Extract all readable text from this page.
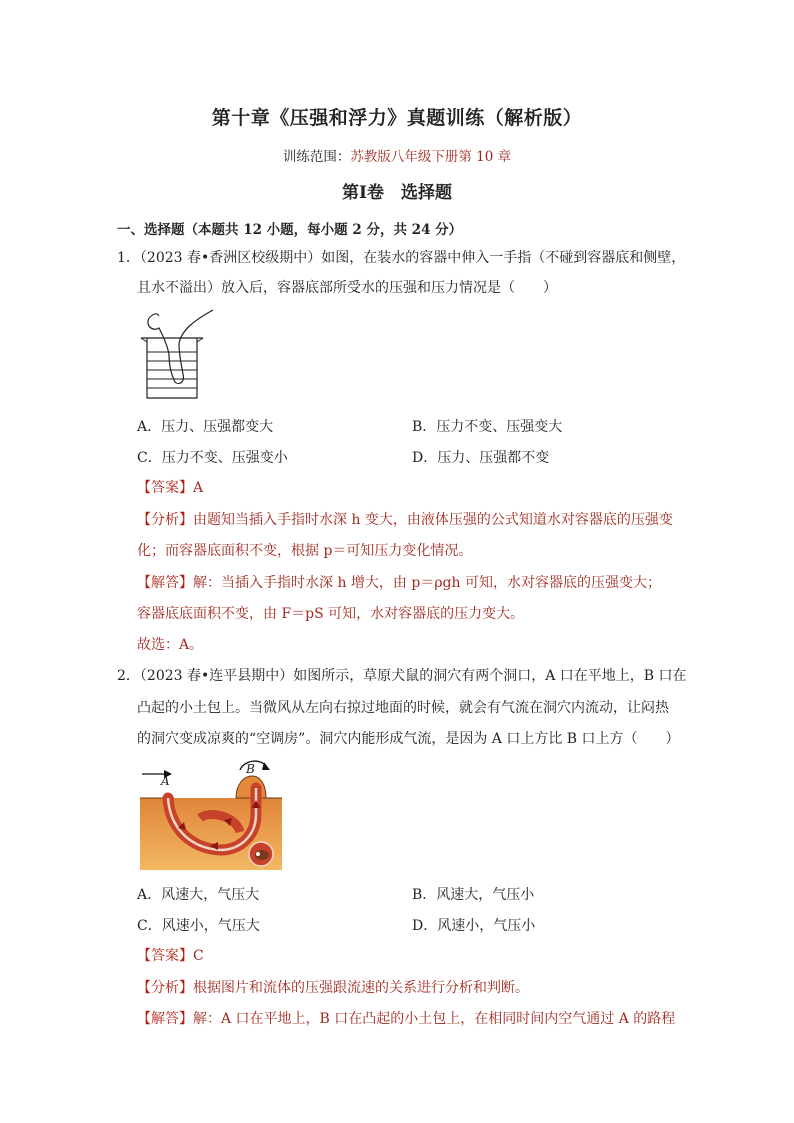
第十章《压强和浮力》真题训练（解析版）
训练范围：苏教版八年级下册第 10 章
第Ⅰ卷　选择题
一、选择题（本题共 12 小题，每小题 2 分，共 24 分）
1．（2023 春•香洲区校级期中）如图，在装水的容器中伸入一手指（不碰到容器底和侧壁，
且水不溢出）放入后，容器底部所受水的压强和压力情况是（　　）
A．压力、压强都变大	B．压力不变、压强变大
C．压力不变、压强变小	D．压力、压强都不变
【答案】A
【分析】由题知当插入手指时水深 h 变大，由液体压强的公式知道水对容器底的压强变
化；而容器底面积不变，根据 p＝可知压力变化情况。
【解答】解：当插入手指时水深 h 增大，由 p＝ρgh 可知，水对容器底的压强变大；
容器底底面积不变，由 F＝pS 可知，水对容器底的压力变大。
故选：A。
2．（2023 春•连平县期中）如图所示，草原犬鼠的洞穴有两个洞口，A 口在平地上，B 口在
凸起的小土包上。当微风从左向右掠过地面的时候，就会有气流在洞穴内流动，让闷热
的洞穴变成凉爽的“空调房”。洞穴内能形成气流，是因为 A 口上方比 B 口上方（　　）
A
B
A．风速大，气压大	B．风速大，气压小
C．风速小，气压大	D．风速小，气压小
【答案】C
【分析】根据图片和流体的压强跟流速的关系进行分析和判断。
【解答】解：A 口在平地上，B 口在凸起的小土包上，在相同时间内空气通过 A 的路程
